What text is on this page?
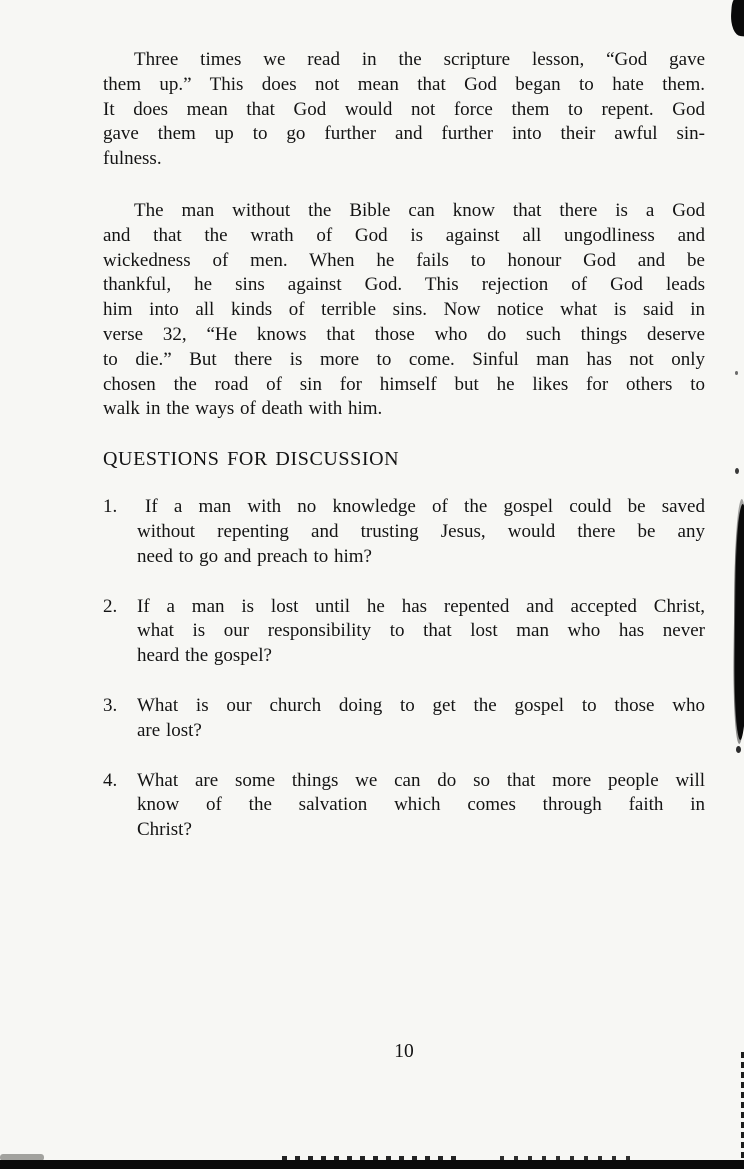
Three times we read in the scripture lesson, “God gave
them up.” This does not mean that God began to hate them.
It does mean that God would not force them to repent. God
gave them up to go further and further into their awful sin-
fulness.
The man without the Bible can know that there is a God
and that the wrath of God is against all ungodliness and
wickedness of men. When he fails to honour God and be
thankful, he sins against God. This rejection of God leads
him into all kinds of terrible sins. Now notice what is said in
verse 32, “He knows that those who do such things deserve
to die.” But there is more to come. Sinful man has not only
chosen the road of sin for himself but he likes for others to
walk in the ways of death with him.
QUESTIONS FOR DISCUSSION
1.	If a man with no knowledge of the gospel could be saved
without repenting and trusting Jesus, would there be any
need to go and preach to him?
2.	If a man is lost until he has repented and accepted Christ,
what is our responsibility to that lost man who has never
heard the gospel?
3.	What is our church doing to get the gospel to those who
are lost?
4.	What are some things we can do so that more people will
know of the salvation which comes through faith in
Christ?
10
